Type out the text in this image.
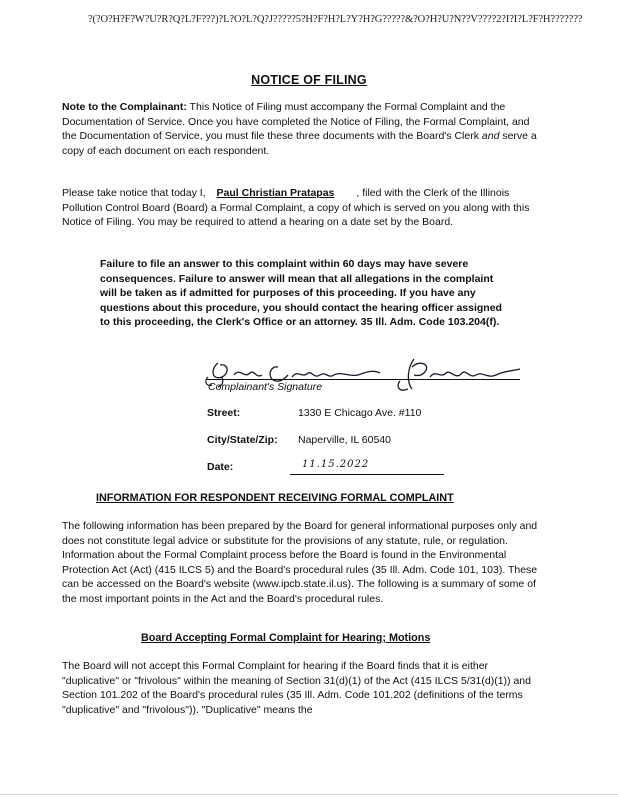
?(?O?H?F?W?U?R?Q?L?F???)?L?O?L?Q?J?????5?H?F?H?L?Y?H?G?????&?O?H?U?N??V????2?I?I?L?F?H???????
NOTICE OF FILING
Note to the Complainant: This Notice of Filing must accompany the Formal Complaint and the Documentation of Service. Once you have completed the Notice of Filing, the Formal Complaint, and the Documentation of Service, you must file these three documents with the Board's Clerk and serve a copy of each document on each respondent.
Please take notice that today I, Paul Christian Pratapas , filed with the Clerk of the Illinois Pollution Control Board (Board) a Formal Complaint, a copy of which is served on you along with this Notice of Filing. You may be required to attend a hearing on a date set by the Board.
Failure to file an answer to this complaint within 60 days may have severe consequences. Failure to answer will mean that all allegations in the complaint will be taken as if admitted for purposes of this proceeding. If you have any questions about this procedure, you should contact the hearing officer assigned to this proceeding, the Clerk's Office or an attorney. 35 Ill. Adm. Code 103.204(f).
Complainant's Signature
Street:	1330 E Chicago Ave. #110
City/State/Zip: Naperville, IL 60540
Date:	11.15.2022
INFORMATION FOR RESPONDENT RECEIVING FORMAL COMPLAINT
The following information has been prepared by the Board for general informational purposes only and does not constitute legal advice or substitute for the provisions of any statute, rule, or regulation. Information about the Formal Complaint process before the Board is found in the Environmental Protection Act (Act) (415 ILCS 5) and the Board's procedural rules (35 Ill. Adm. Code 101, 103). These can be accessed on the Board's website (www.ipcb.state.il.us). The following is a summary of some of the most important points in the Act and the Board's procedural rules.
Board Accepting Formal Complaint for Hearing; Motions
The Board will not accept this Formal Complaint for hearing if the Board finds that it is either "duplicative" or "frivolous" within the meaning of Section 31(d)(1) of the Act (415 ILCS 5/31(d)(1)) and Section 101.202 of the Board's procedural rules (35 Ill. Adm. Code 101.202 (definitions of the terms "duplicative" and "frivolous")). "Duplicative" means the
